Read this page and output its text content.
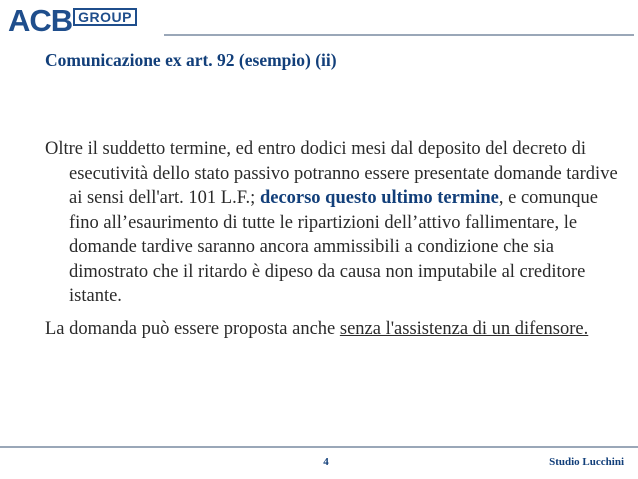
ACB GROUP
Comunicazione ex art. 92 (esempio) (ii)

Oltre il suddetto termine, ed entro dodici mesi dal deposito del decreto di esecutività dello stato passivo potranno essere presentate domande tardive ai sensi dell'art. 101 L.F.; decorso questo ultimo termine, e comunque fino all’esaurimento di tutte le ripartizioni dell’attivo fallimentare, le domande tardive saranno ancora ammissibili a condizione che sia dimostrato che il ritardo è dipeso da causa non imputabile al creditore istante.

La domanda può essere proposta anche senza l'assistenza di un difensore.

4	Studio Lucchini
